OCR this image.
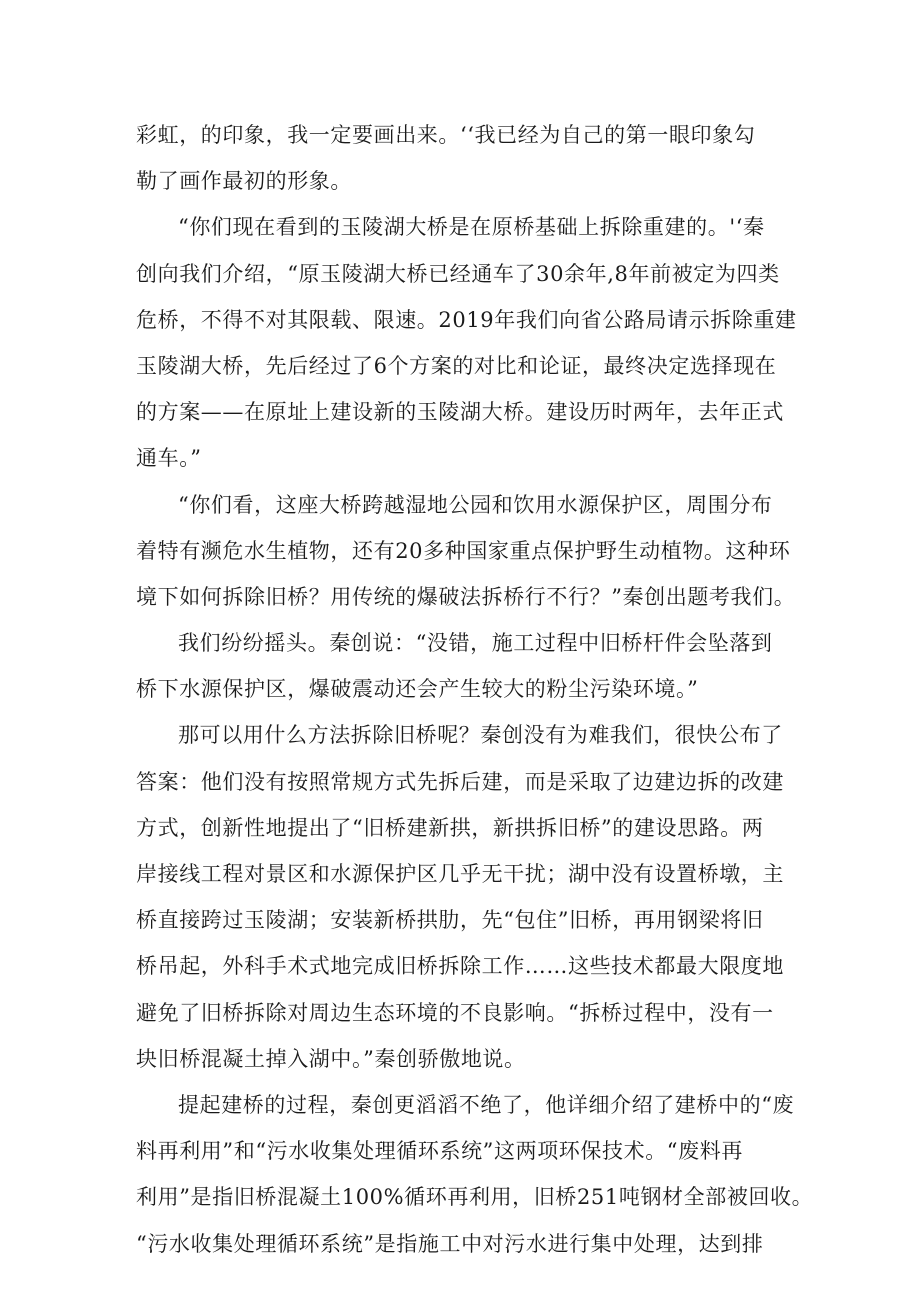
彩虹，的印象，我一定要画出来。‘‘我已经为自己的第一眼印象勾
勒了画作最初的形象。
“你们现在看到的玉陵湖大桥是在原桥基础上拆除重建的。'‘秦
创向我们介绍，“原玉陵湖大桥已经通车了30余年,8年前被定为四类
危桥，不得不对其限载、限速。2019年我们向省公路局请示拆除重建
玉陵湖大桥，先后经过了6个方案的对比和论证，最终决定选择现在
的方案——在原址上建设新的玉陵湖大桥。建设历时两年，去年正式
通车。”
“你们看，这座大桥跨越湿地公园和饮用水源保护区，周围分布
着特有濒危水生植物，还有20多种国家重点保护野生动植物。这种环
境下如何拆除旧桥？用传统的爆破法拆桥行不行？”秦创出题考我们。
我们纷纷摇头。秦创说：“没错，施工过程中旧桥杆件会坠落到
桥下水源保护区，爆破震动还会产生较大的粉尘污染环境。”
那可以用什么方法拆除旧桥呢？秦创没有为难我们，很快公布了
答案：他们没有按照常规方式先拆后建，而是采取了边建边拆的改建
方式，创新性地提出了“旧桥建新拱，新拱拆旧桥”的建设思路。两
岸接线工程对景区和水源保护区几乎无干扰；湖中没有设置桥墩，主
桥直接跨过玉陵湖；安装新桥拱肋，先“包住”旧桥，再用钢梁将旧
桥吊起，外科手术式地完成旧桥拆除工作……这些技术都最大限度地
避免了旧桥拆除对周边生态环境的不良影响。“拆桥过程中，没有一
块旧桥混凝土掉入湖中。”秦创骄傲地说。
提起建桥的过程，秦创更滔滔不绝了，他详细介绍了建桥中的“废
料再利用”和“污水收集处理循环系统”这两项环保技术。“废料再
利用”是指旧桥混凝土100%循环再利用，旧桥251吨钢材全部被回收。
“污水收集处理循环系统”是指施工中对污水进行集中处理，达到排
